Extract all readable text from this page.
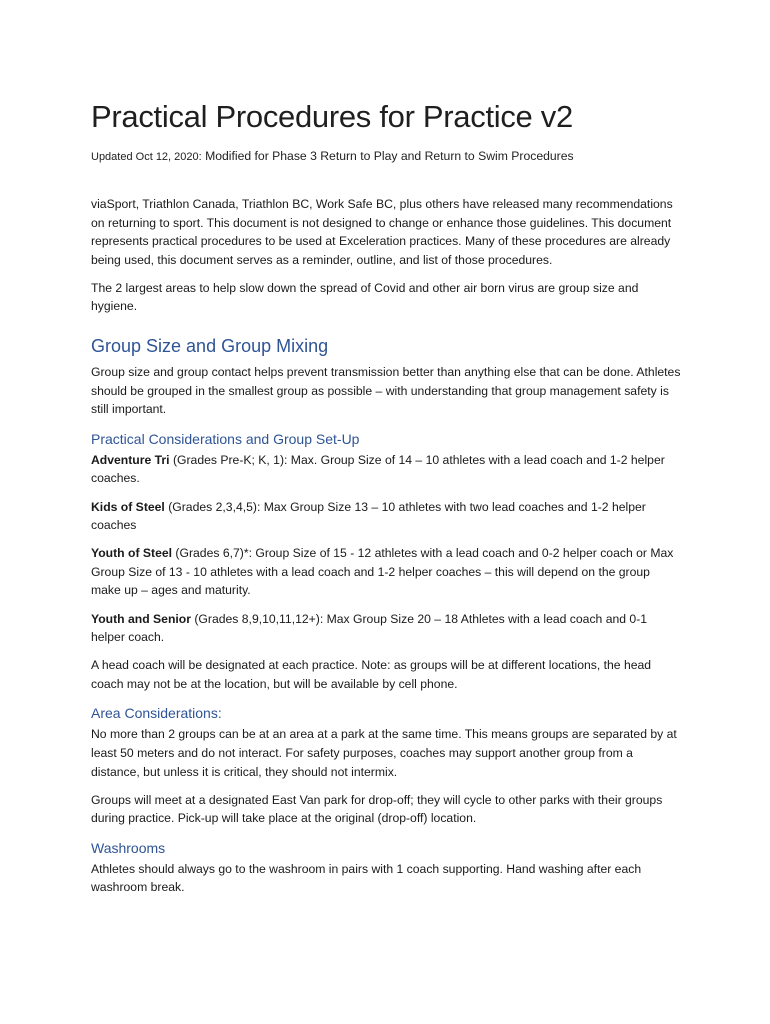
Practical Procedures for Practice v2
Updated Oct 12, 2020: Modified for Phase 3 Return to Play and Return to Swim Procedures

viaSport, Triathlon Canada, Triathlon BC, Work Safe BC, plus others have released many recommendations on returning to sport. This document is not designed to change or enhance those guidelines. This document represents practical procedures to be used at Exceleration practices. Many of these procedures are already being used, this document serves as a reminder, outline, and list of those procedures.

The 2 largest areas to help slow down the spread of Covid and other air born virus are group size and hygiene.

Group Size and Group Mixing

Group size and group contact helps prevent transmission better than anything else that can be done. Athletes should be grouped in the smallest group as possible – with understanding that group management safety is still important.

Practical Considerations and Group Set-Up

Adventure Tri (Grades Pre-K; K, 1): Max. Group Size of 14 – 10 athletes with a lead coach and 1-2 helper coaches.

Kids of Steel (Grades 2,3,4,5): Max Group Size 13 – 10 athletes with two lead coaches and 1-2 helper coaches

Youth of Steel (Grades 6,7)*: Group Size of 15 - 12 athletes with a lead coach and 0-2 helper coach or Max Group Size of 13 - 10 athletes with a lead coach and 1-2 helper coaches – this will depend on the group make up – ages and maturity.

Youth and Senior (Grades 8,9,10,11,12+): Max Group Size 20 – 18 Athletes with a lead coach and 0-1 helper coach.

A head coach will be designated at each practice. Note: as groups will be at different locations, the head coach may not be at the location, but will be available by cell phone.

Area Considerations:

No more than 2 groups can be at an area at a park at the same time. This means groups are separated by at least 50 meters and do not interact. For safety purposes, coaches may support another group from a distance, but unless it is critical, they should not intermix.

Groups will meet at a designated East Van park for drop-off; they will cycle to other parks with their groups during practice. Pick-up will take place at the original (drop-off) location.

Washrooms

Athletes should always go to the washroom in pairs with 1 coach supporting. Hand washing after each washroom break.
